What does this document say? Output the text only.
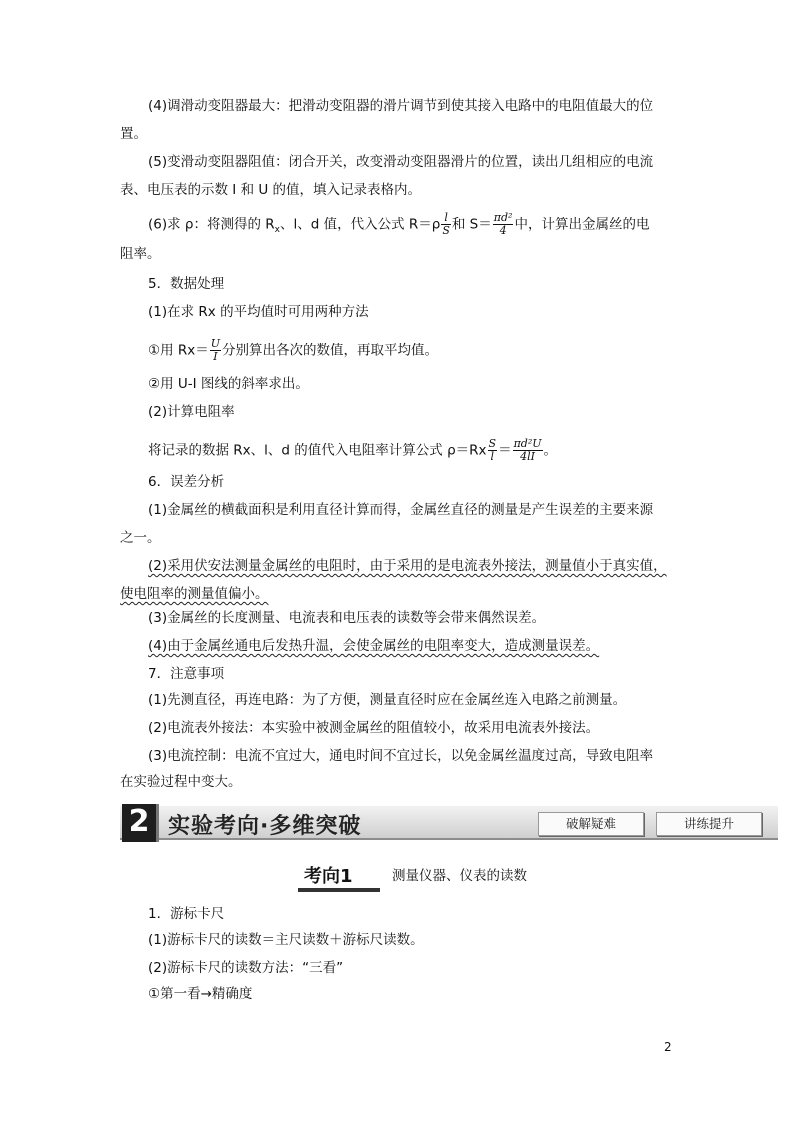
(4)调滑动变阻器最大：把滑动变阻器的滑片调节到使其接入电路中的电阻值最大的位
置。
(5)变滑动变阻器阻值：闭合开关，改变滑动变阻器滑片的位置，读出几组相应的电流
表、电压表的示数 I 和 U 的值，填入记录表格内。
(6)求 ρ：将测得的 $R_x$、l、d 值，代入公式 $R=\rho \frac{l}{S}$ 和 $S= \frac{\text{πd²}}{4}$ 中，计算出金属丝的电
阻率。
5．数据处理
(1)在求 Rx 的平均值时可用两种方法
①用 $Rx= \frac{U}{I}$ 分别算出各次的数值，再取平均值。
②用 U-I 图线的斜率求出。
(2)计算电阻率
将记录的数据 Rx、l、d 的值代入电阻率计算公式 $\rho=Rx \frac{S}{l} = \frac{\text{πd²U}}{4lI}$ 。
6．误差分析
(1)金属丝的横截面积是利用直径计算而得，金属丝直径的测量是产生误差的主要来源
之一。
(2)采用伏安法测量金属丝的电阻时，由于采用的是电流表外接法，测量值小于真实值，
使电阻率的测量值偏小。
(3)金属丝的长度测量、电流表和电压表的读数等会带来偶然误差。
(4)由于金属丝通电后发热升温，会使金属丝的电阻率变大，造成测量误差。
7．注意事项
(1)先测直径，再连电路：为了方便，测量直径时应在金属丝连入电路之前测量。
(2)电流表外接法：本实验中被测金属丝的阻值较小，故采用电流表外接法。
(3)电流控制：电流不宜过大，通电时间不宜过长，以免金属丝温度过高，导致电阻率
在实验过程中变大。
2 实验考向·多维突破	破解疑难	讲练提升
考向1	测量仪器、仪表的读数
1．游标卡尺
(1)游标卡尺的读数＝主尺读数＋游标尺读数。
(2)游标卡尺的读数方法：“三看”
①第一看→精确度
2
